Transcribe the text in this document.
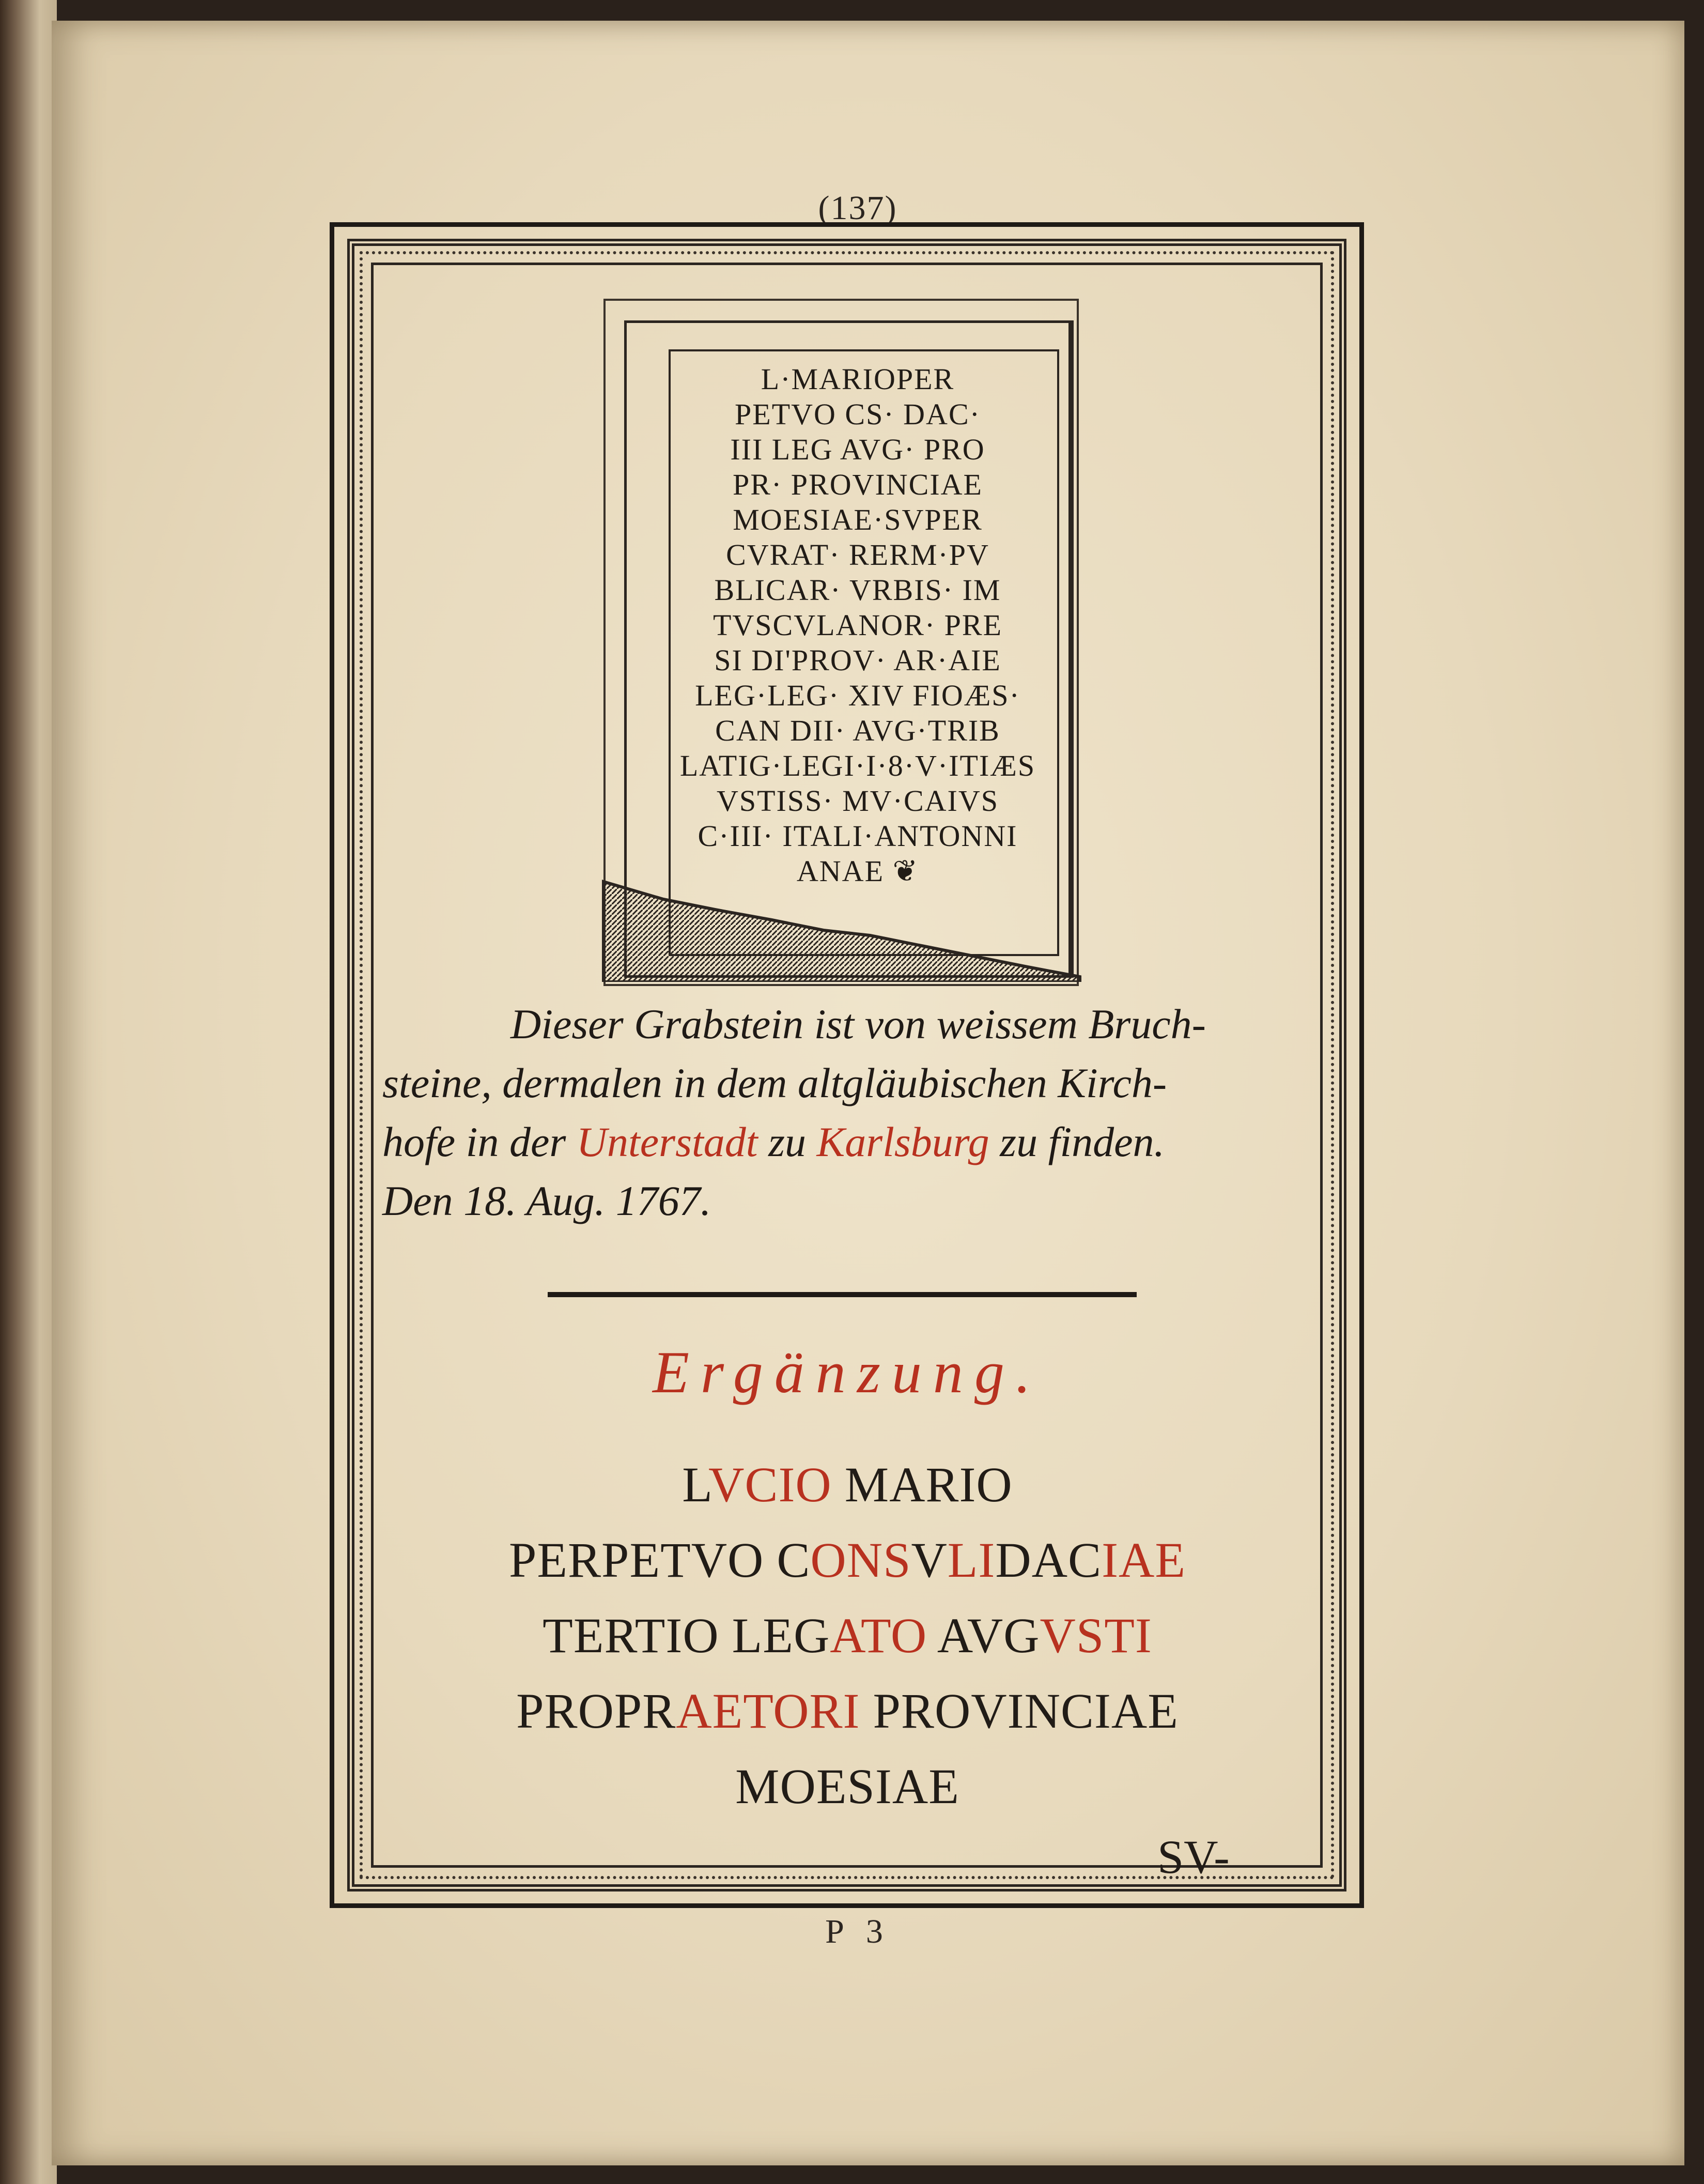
(137)
L·MARIOPER
PETVO CS· DAC·
III LEG AVG· PRO
PR· PROVINCIAE
MOESIAE·SVPER
CVRAT· RERM·PV
BLICAR· VRBIS· IM
TVSCVLANOR· PRE
SI DI'PROV· AR·AIE
LEG·LEG· XIV FIOÆS·
CAN DII· AVG·TRIB
LATIG·LEGI·I·8·V·ITIÆS
VSTISS· MV·CAIVS
C·III· ITALI·ANTONNI
ANAE ❦
Dieser Grabstein ist von weissem Bruch-
steine, dermalen in dem altgläubischen Kirch-
hofe in der Unterstadt zu Karlsburg zu finden.
Den 18. Aug. 1767.
Ergänzung.
LVCIO MARIO
PERPETVO CONSVLIDACIAE
TERTIO LEGATO AVGVSTI
PROPRAETORI PROVINCIAE
MOESIAE
SV-
P 3
